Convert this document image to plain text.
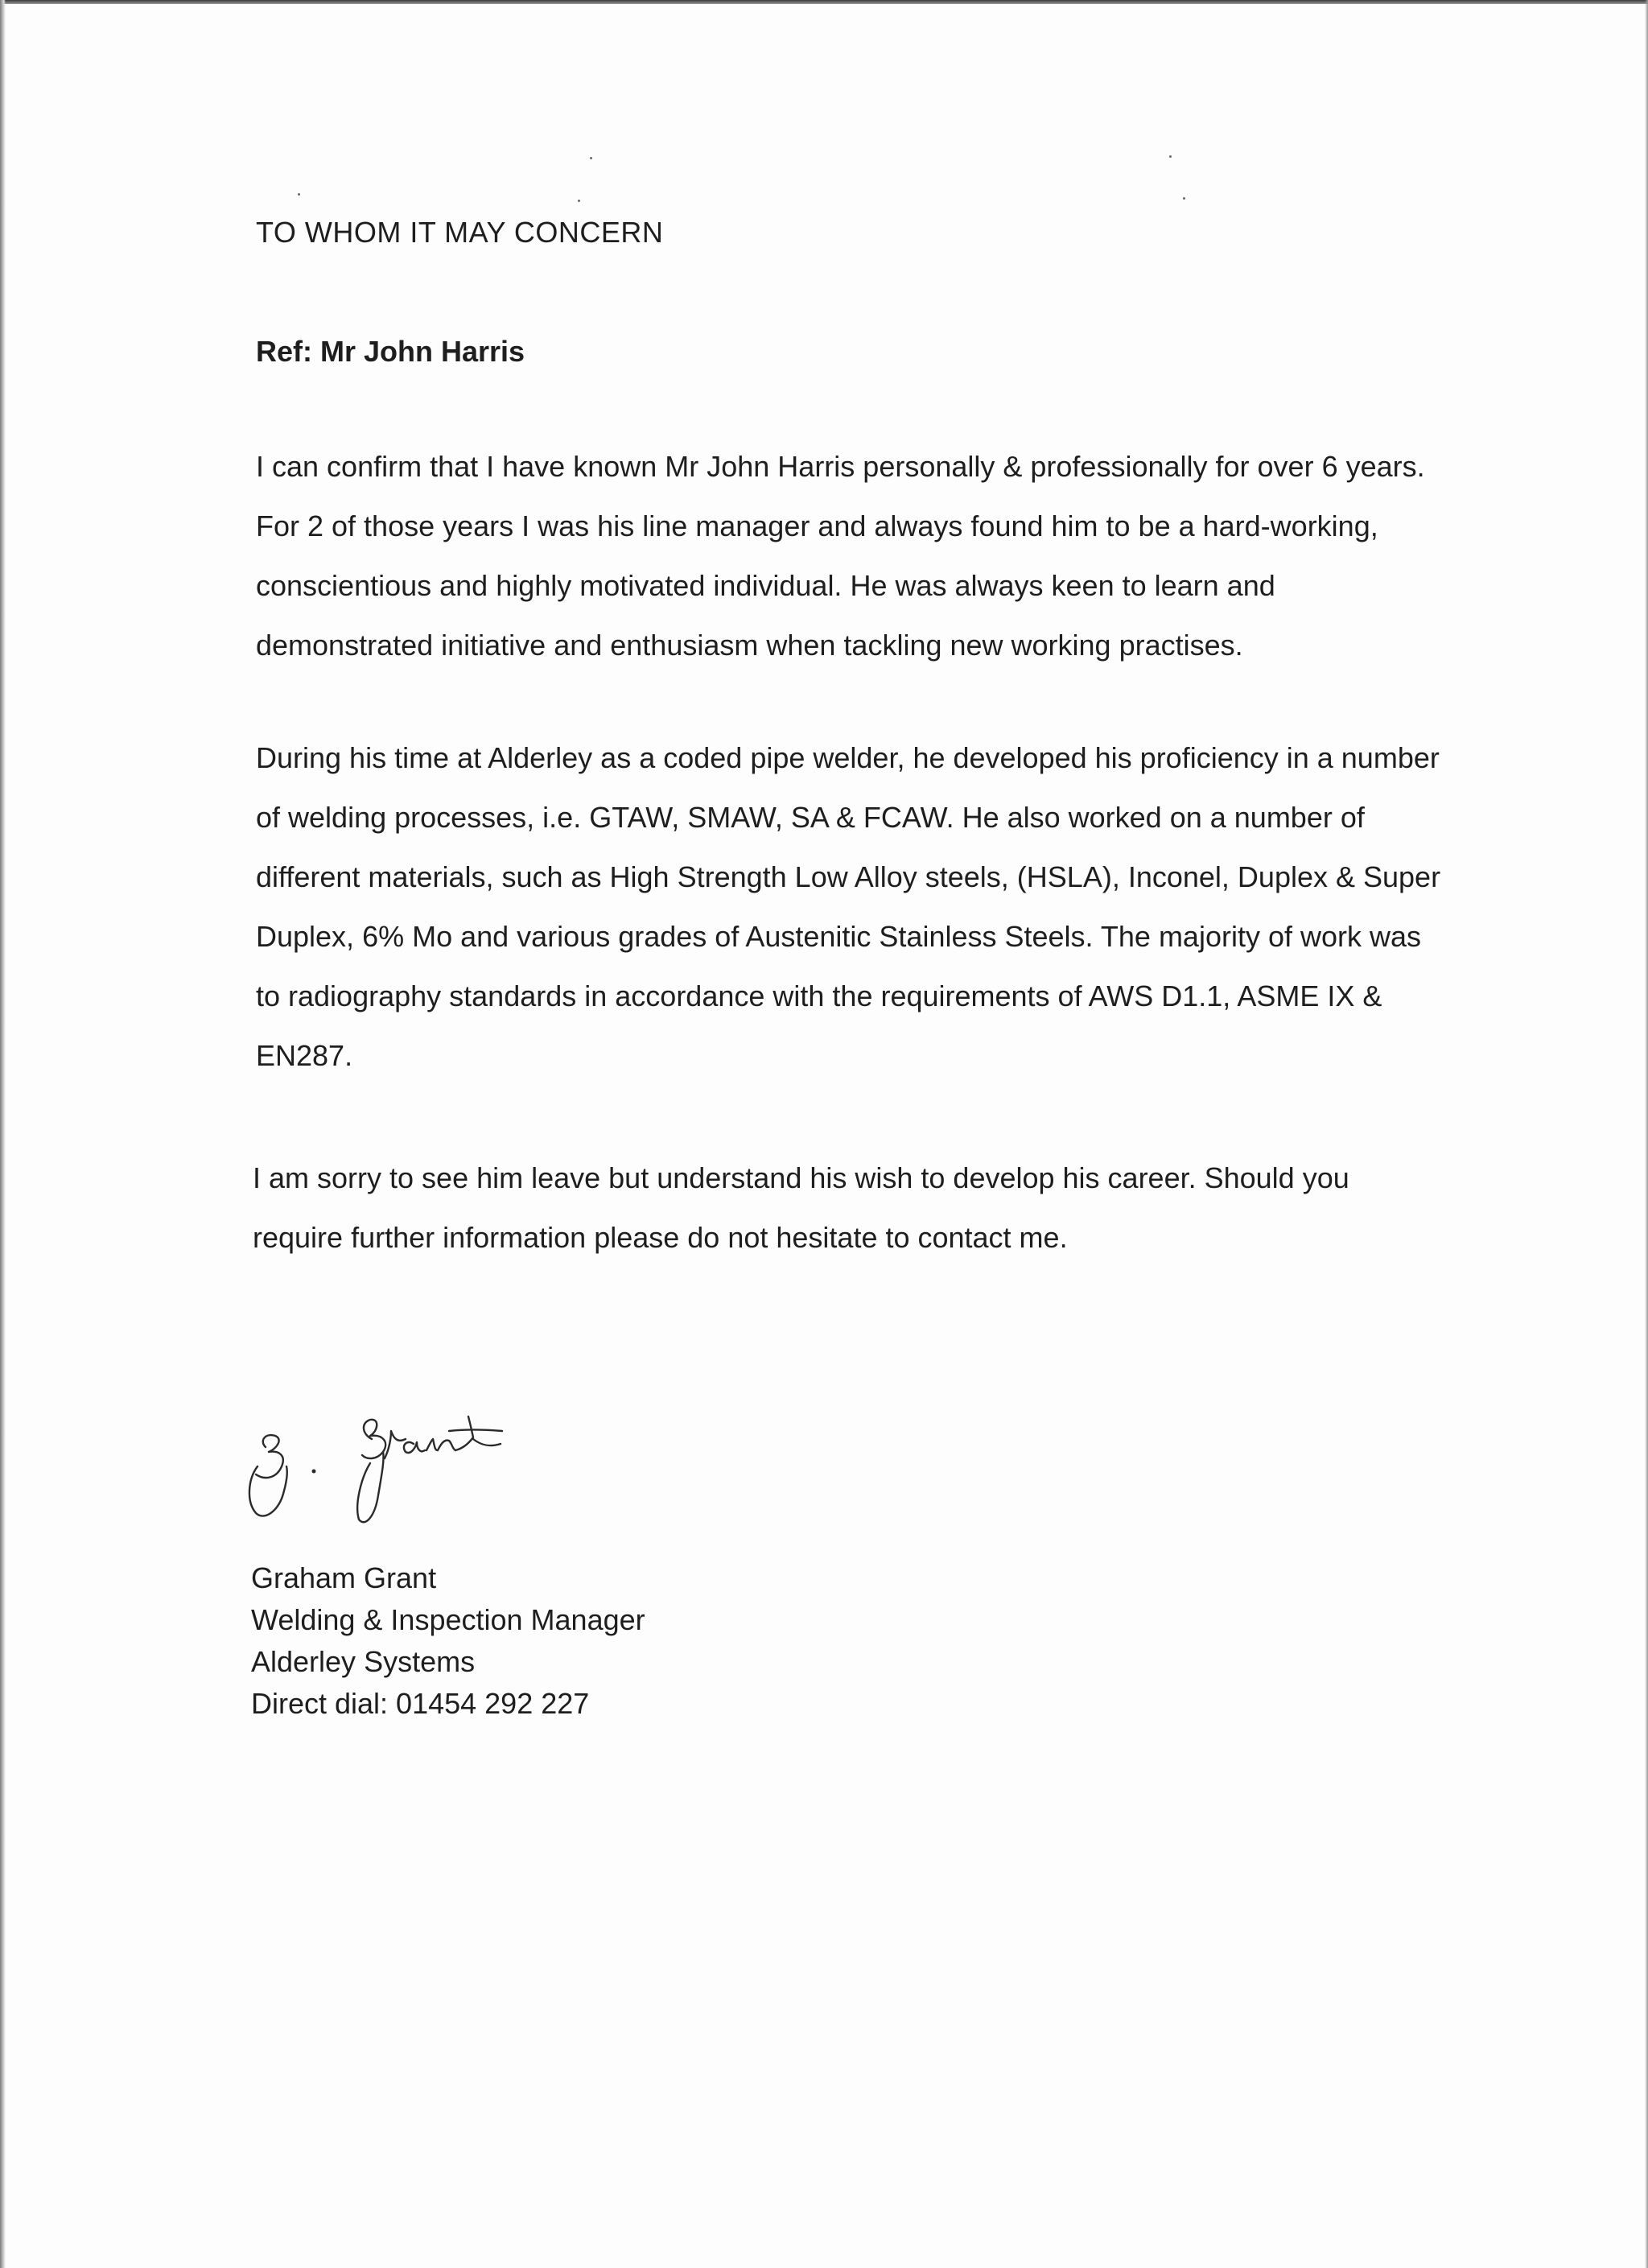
TO WHOM IT MAY CONCERN
Ref: Mr John Harris
I can confirm that I have known Mr John Harris personally & professionally for over 6 years.
For 2 of those years I was his line manager and always found him to be a hard-working,
conscientious and highly motivated individual. He was always keen to learn and
demonstrated initiative and enthusiasm when tackling new working practises.
During his time at Alderley as a coded pipe welder, he developed his proficiency in a number
of welding processes, i.e. GTAW, SMAW, SA & FCAW. He also worked on a number of
different materials, such as High Strength Low Alloy steels, (HSLA), Inconel, Duplex & Super
Duplex, 6% Mo and various grades of Austenitic Stainless Steels. The majority of work was
to radiography standards in accordance with the requirements of AWS D1.1, ASME IX &
EN287.
I am sorry to see him leave but understand his wish to develop his career. Should you
require further information please do not hesitate to contact me.
Graham Grant
Welding & Inspection Manager
Alderley Systems
Direct dial: 01454 292 227
